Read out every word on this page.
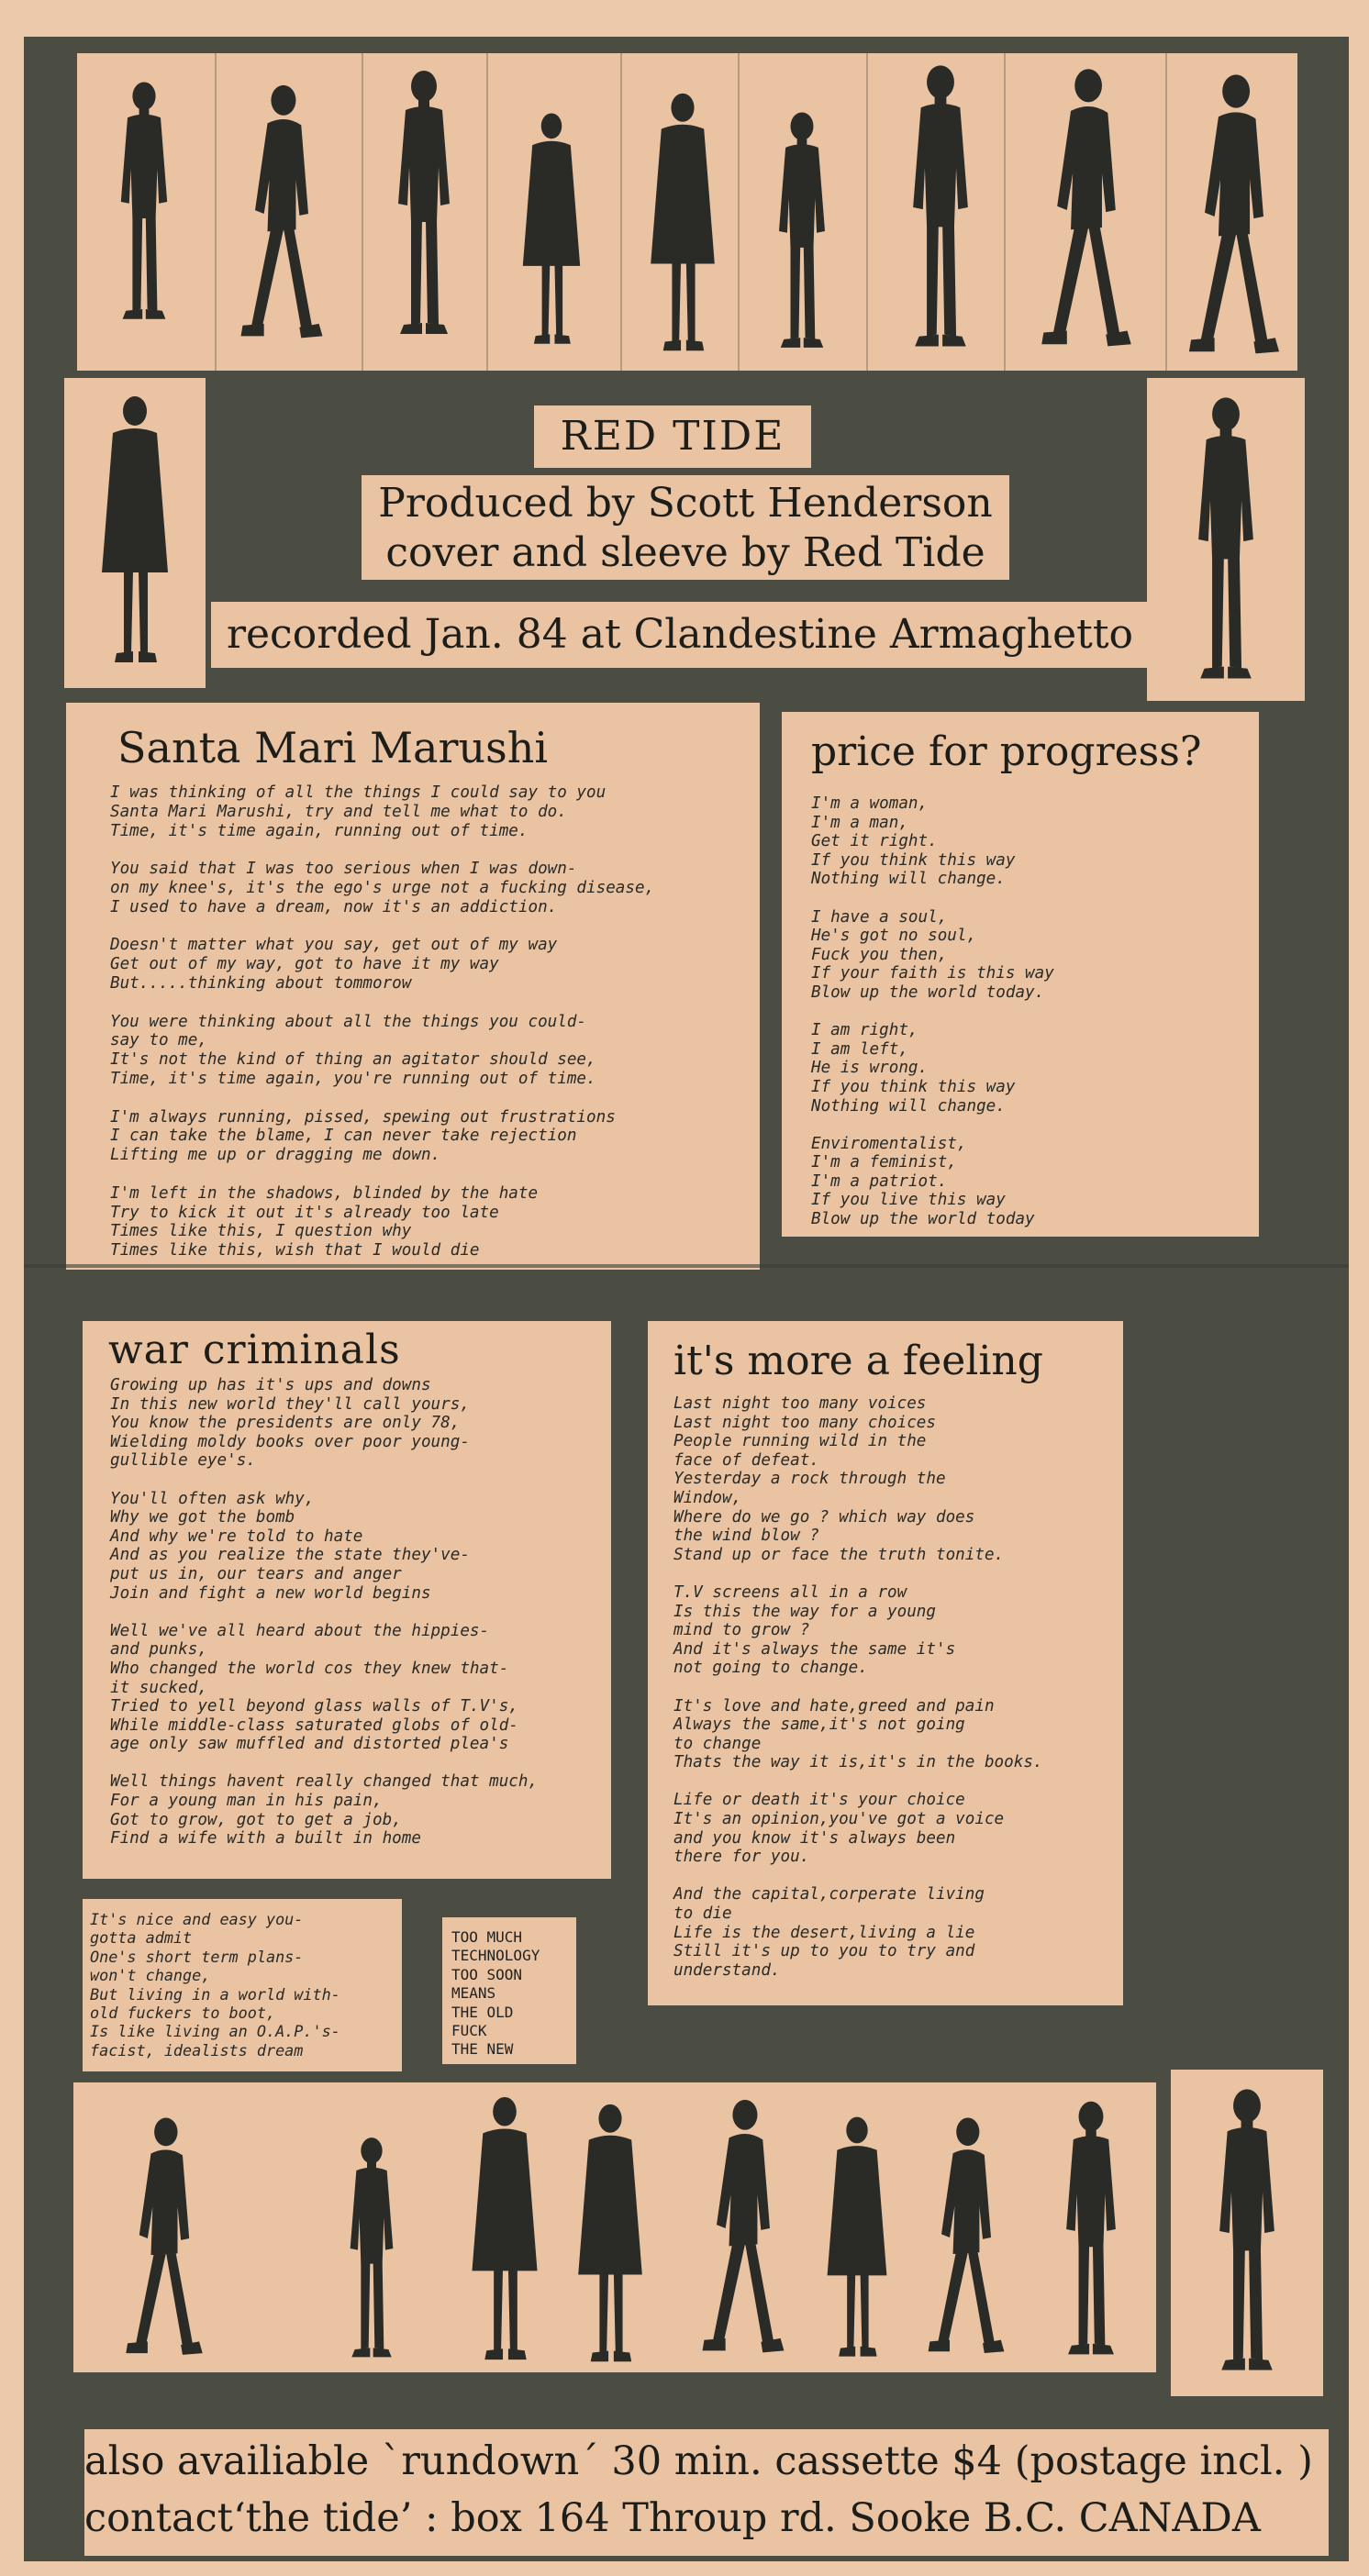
RED TIDE
Produced by Scott Henderson
cover and sleeve by Red Tide
recorded Jan. 84 at Clandestine Armaghetto
Santa Mari Marushi
I was thinking of all the things I could say to you
Santa Mari Marushi, try and tell me what to do.
Time, it's time again, running out of time.

You said that I was too serious when I was down-
on my knee's, it's the ego's urge not a fucking disease,
I used to have a dream, now it's an addiction.

Doesn't matter what you say, get out of my way
Get out of my way, got to have it my way
But.....thinking about tommorow

You were thinking about all the things you could-
say to me,
It's not the kind of thing an agitator should see,
Time, it's time again, you're running out of time.

I'm always running, pissed, spewing out frustrations
I can take the blame, I can never take rejection
Lifting me up or dragging me down.

I'm left in the shadows, blinded by the hate
Try to kick it out it's already too late
Times like this, I question why
Times like this, wish that I would die
price for progress?
I'm a woman,
I'm a man,
Get it right.
If you think this way
Nothing will change.

I have a soul,
He's got no soul,
Fuck you then,
If your faith is this way
Blow up the world today.

I am right,
I am left,
He is wrong.
If you think this way
Nothing will change.

Enviromentalist,
I'm a feminist,
I'm a patriot.
If you live this way
Blow up the world today
war criminals
Growing up has it's ups and downs
In this new world they'll call yours,
You know the presidents are only 78,
Wielding moldy books over poor young-
gullible eye's.

You'll often ask why,
Why we got the bomb
And why we're told to hate
And as you realize the state they've-
put us in, our tears and anger
Join and fight a new world begins

Well we've all heard about the hippies-
and punks,
Who changed the world cos they knew that-
it sucked,
Tried to yell beyond glass walls of T.V's,
While middle-class saturated globs of old-
age only saw muffled and distorted plea's

Well things havent really changed that much,
For a young man in his pain,
Got to grow, got to get a job,
Find a wife with a built in home
it's more a feeling
Last night too many voices
Last night too many choices
People running wild in the
face of defeat.
Yesterday a rock through the
Window,
Where do we go ? which way does
the wind blow ?
Stand up or face the truth tonite.

T.V screens all in a row
Is this the way for a young
mind to grow ?
And it's always the same it's
not going to change.

It's love and hate,greed and pain
Always the same,it's not going
to change
Thats the way it is,it's in the books.

Life or death it's your choice
It's an opinion,you've got a voice
and you know it's always been
there for you.

And the capital,corperate living
to die
Life is the desert,living a lie
Still it's up to you to try and
understand.
It's nice and easy you-
gotta admit
One's short term plans-
won't change,
But living in a world with-
old fuckers to boot,
Is like living an O.A.P.'s-
facist, idealists dream
TOO MUCH
TECHNOLOGY
TOO SOON
MEANS
THE OLD
FUCK
THE NEW
also availiable `rundown´ 30 min. cassette $4 (postage incl. )
contact‘the tide’ : box 164 Throup rd. Sooke B.C. CANADA
